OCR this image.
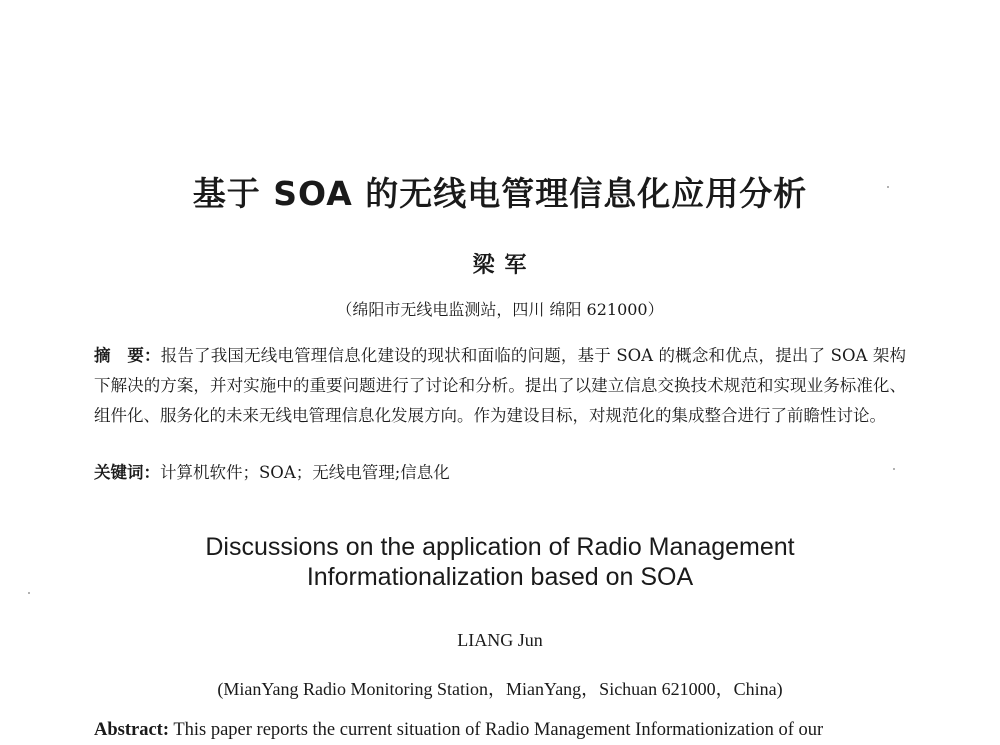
基于 SOA 的无线电管理信息化应用分析
梁 军
（绵阳市无线电监测站，四川 绵阳 621000）
摘　要：报告了我国无线电管理信息化建设的现状和面临的问题，基于 SOA 的概念和优点，提出了 SOA 架构下解决的方案，并对实施中的重要问题进行了讨论和分析。提出了以建立信息交换技术规范和实现业务标准化、组件化、服务化的未来无线电管理信息化发展方向。作为建设目标，对规范化的集成整合进行了前瞻性讨论。
关键词：计算机软件；SOA；无线电管理;信息化
Discussions on the application of Radio Management
Informationalization based on SOA
LIANG Jun
(MianYang Radio Monitoring Station，MianYang，Sichuan 621000，China)
Abstract: This paper reports the current situation of Radio Management Informationization of our
